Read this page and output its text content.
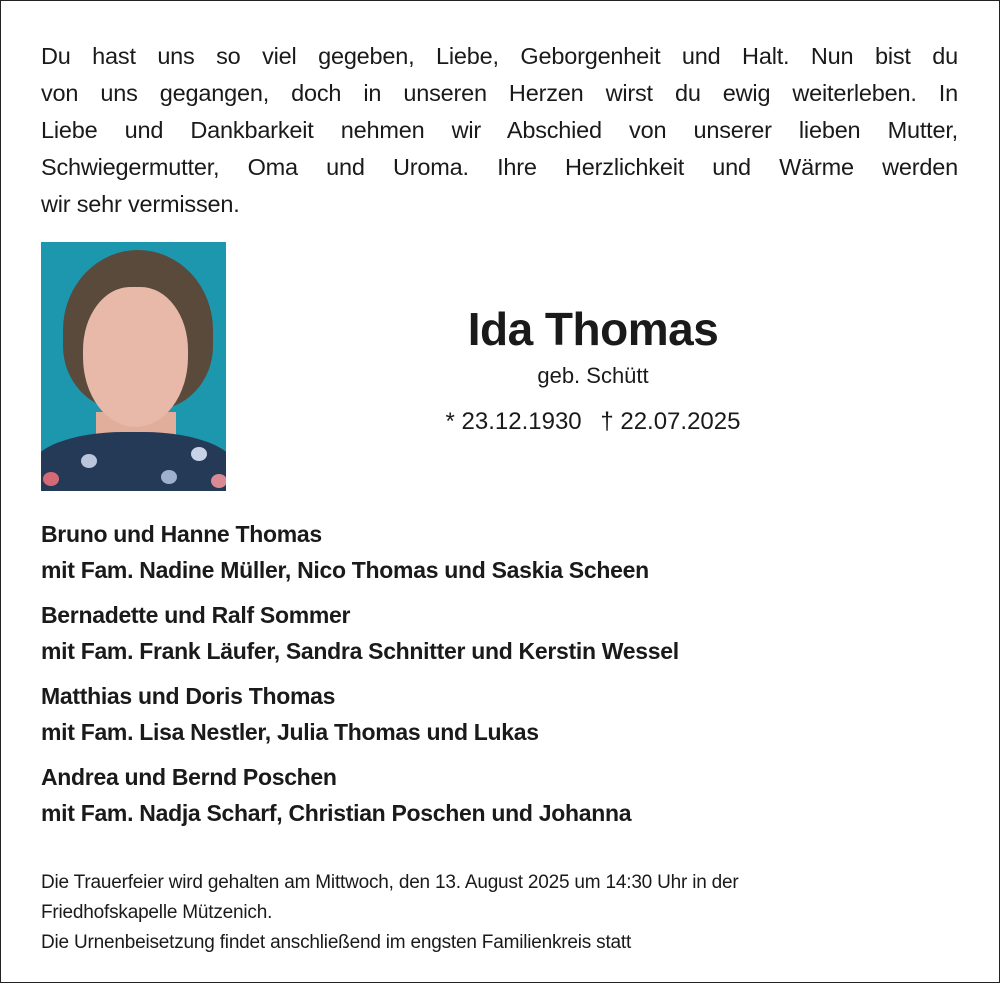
Du hast uns so viel gegeben, Liebe, Geborgenheit und Halt. Nun bist du
von uns gegangen, doch in unseren Herzen wirst du ewig weiterleben. In
Liebe und Dankbarkeit nehmen wir Abschied von unserer lieben Mutter,
Schwiegermutter, Oma und Uroma. Ihre Herzlichkeit und Wärme werden
wir sehr vermissen.
Ida Thomas
geb. Schütt
* 23.12.1930 † 22.07.2025
Bruno und Hanne Thomas
mit Fam. Nadine Müller, Nico Thomas und Saskia Scheen
Bernadette und Ralf Sommer
mit Fam. Frank Läufer, Sandra Schnitter und Kerstin Wessel
Matthias und Doris Thomas
mit Fam. Lisa Nestler, Julia Thomas und Lukas
Andrea und Bernd Poschen
mit Fam. Nadja Scharf, Christian Poschen und Johanna
Die Trauerfeier wird gehalten am Mittwoch, den 13. August 2025 um 14:30 Uhr in der
Friedhofskapelle Mützenich.
Die Urnenbeisetzung findet anschließend im engsten Familienkreis statt
